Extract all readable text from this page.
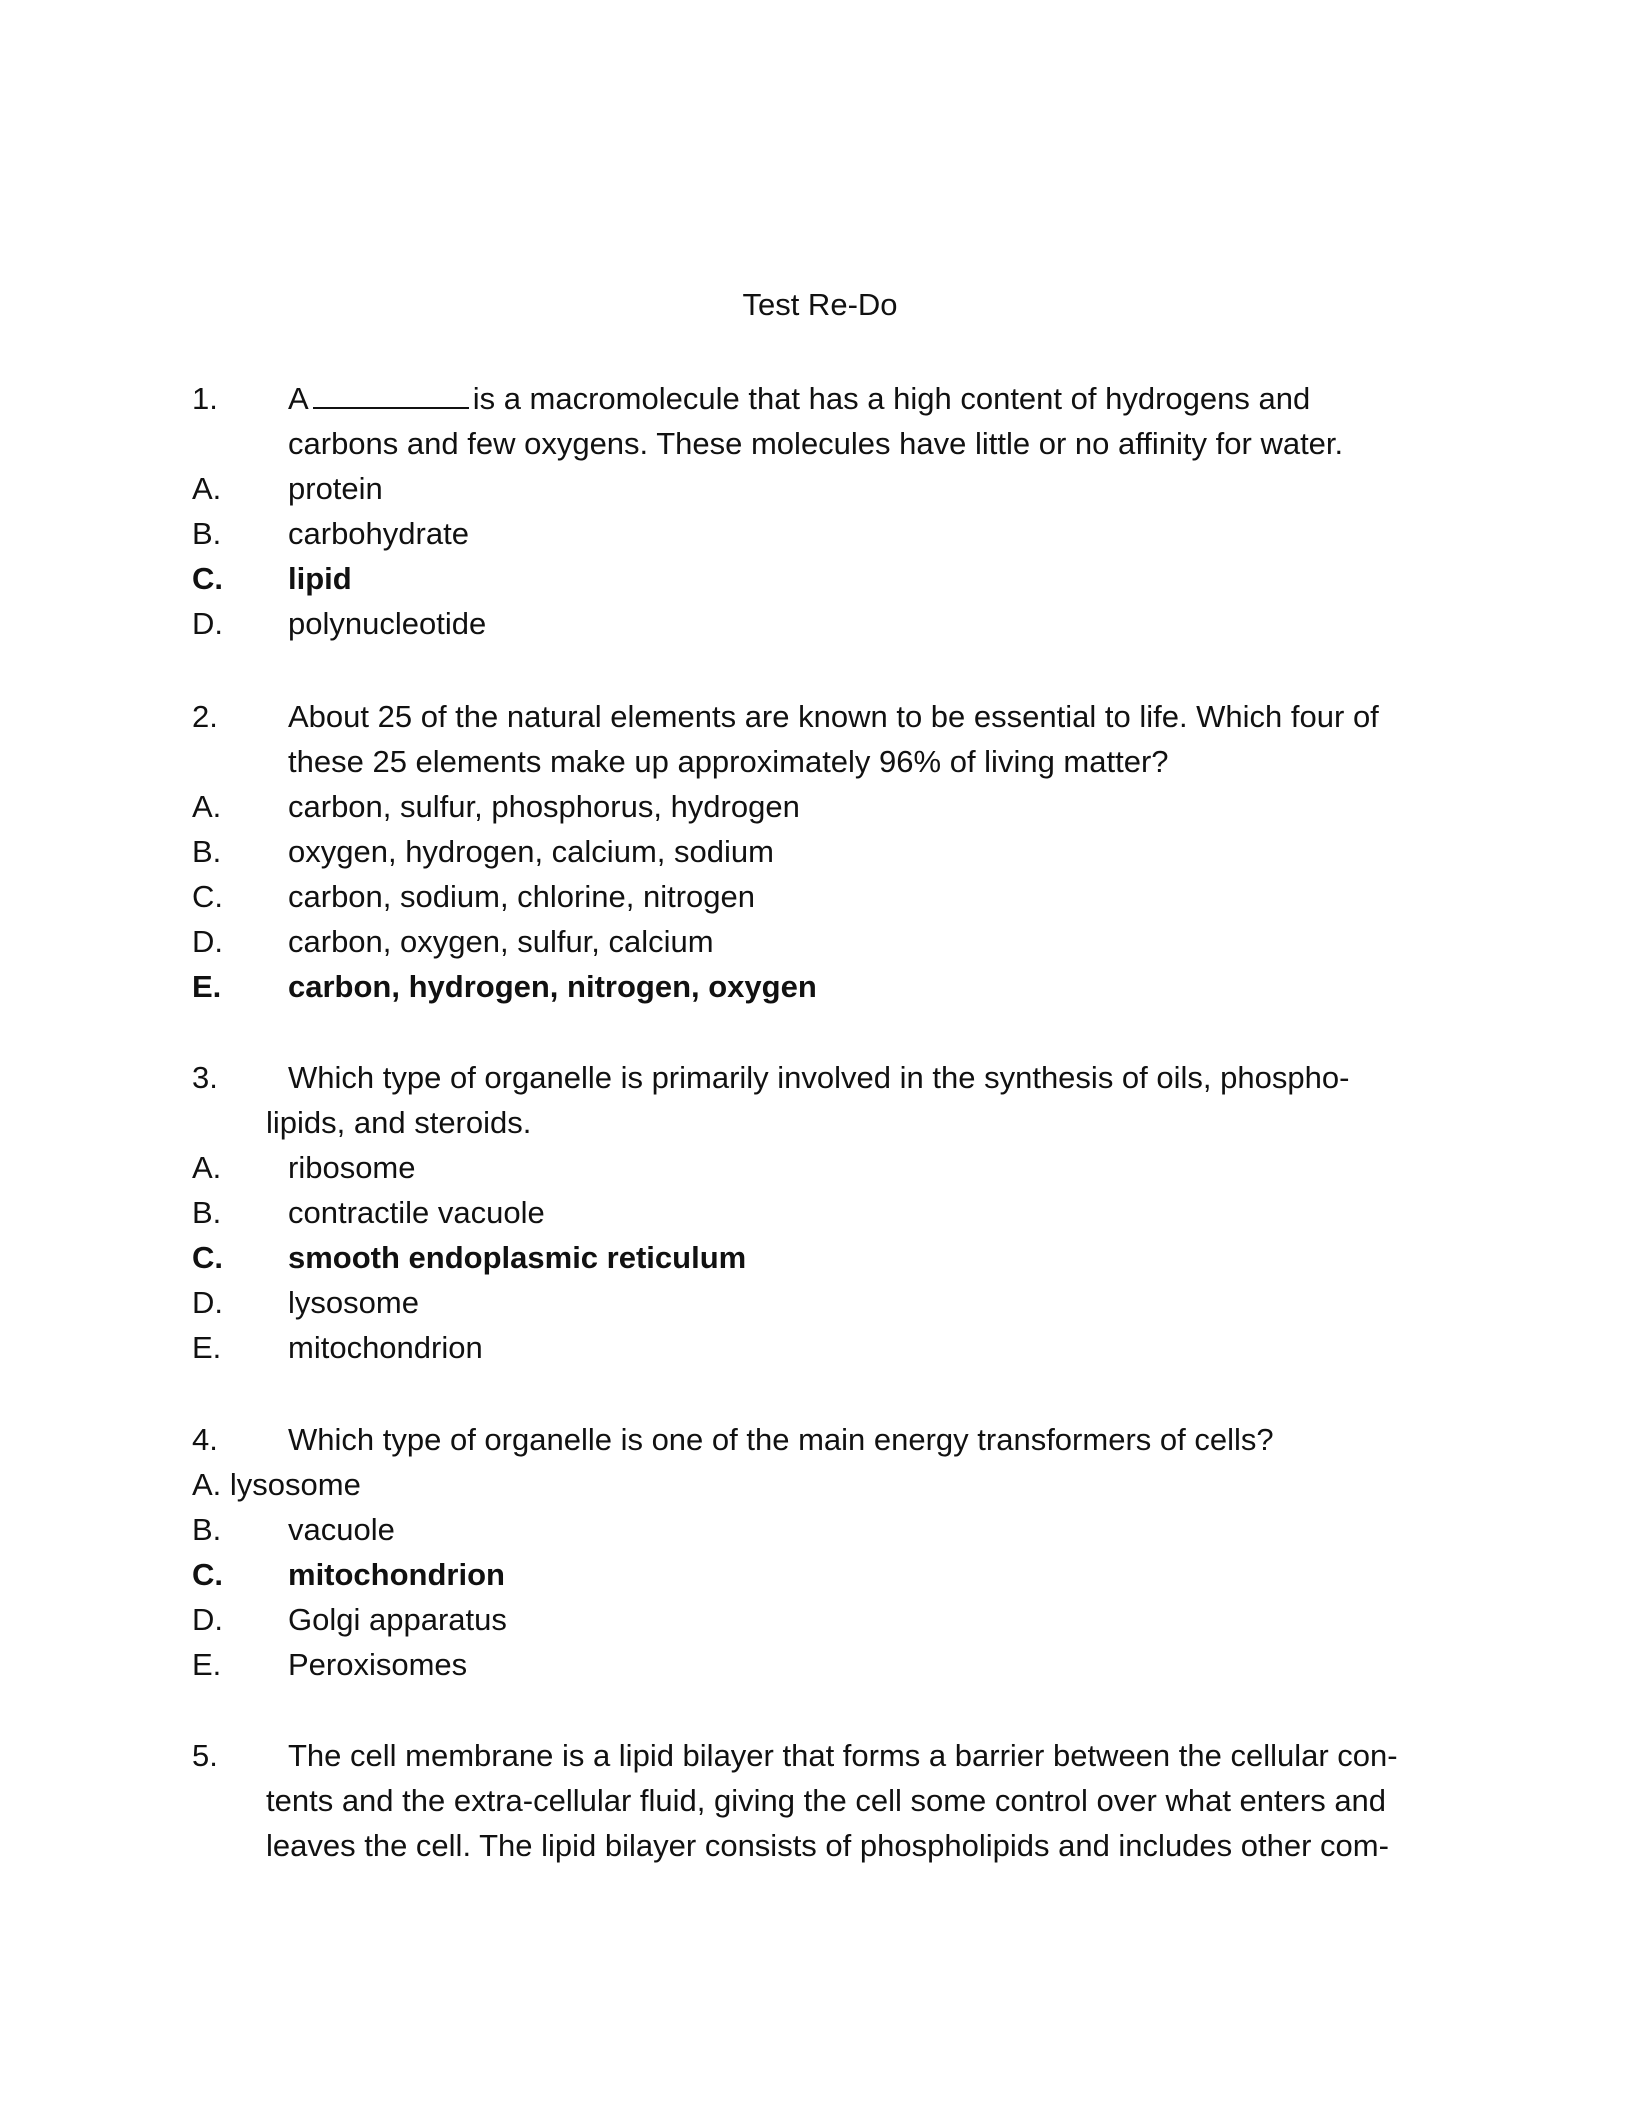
Test Re-Do
1. A	is a macromolecule that has a high content of hydrogens and
carbons and few oxygens. These molecules have little or no affinity for water.
A. protein
B. carbohydrate
C. lipid
D. polynucleotide
2. About 25 of the natural elements are known to be essential to life. Which four of
these 25 elements make up approximately 96% of living matter?
A. carbon, sulfur, phosphorus, hydrogen
B. oxygen, hydrogen, calcium, sodium
C. carbon, sodium, chlorine, nitrogen
D. carbon, oxygen, sulfur, calcium
E. carbon, hydrogen, nitrogen, oxygen
3. Which type of organelle is primarily involved in the synthesis of oils, phospho-
lipids, and steroids.
A. ribosome
B. contractile vacuole
C. smooth endoplasmic reticulum
D. lysosome
E. mitochondrion
4. Which type of organelle is one of the main energy transformers of cells?
A. lysosome
B. vacuole
C. mitochondrion
D. Golgi apparatus
E. Peroxisomes
5. The cell membrane is a lipid bilayer that forms a barrier between the cellular con-
tents and the extra-cellular fluid, giving the cell some control over what enters and
leaves the cell. The lipid bilayer consists of phospholipids and includes other com-
